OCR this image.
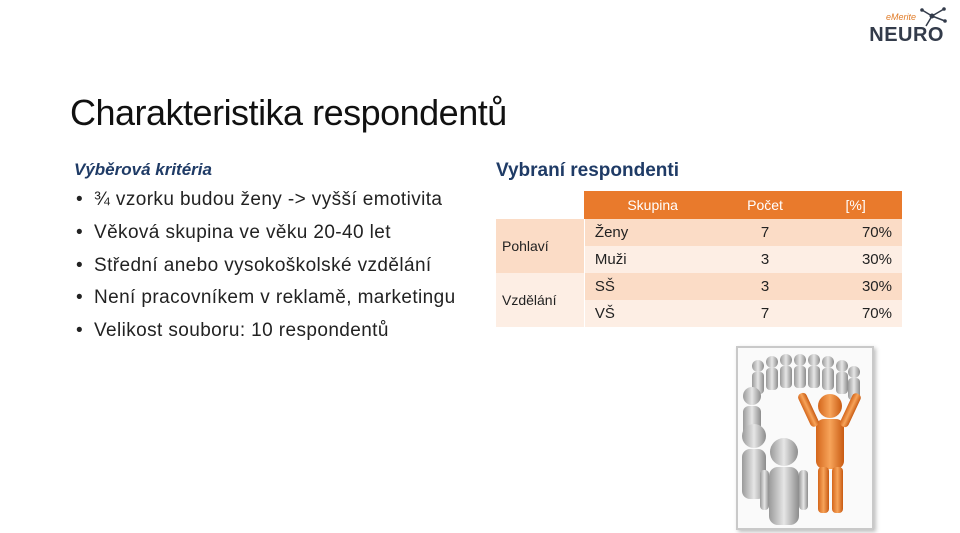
eMerite
NEURO
Charakteristika respondentů
Výběrová kritéria
• ¾ vzorku budou ženy -> vyšší emotivita
• Věková skupina ve věku 20-40 let
• Střední anebo vysokoškolské vzdělání
• Není pracovníkem v reklamě, marketingu
• Velikost souboru: 10 respondentů
Vybraní respondenti
	Skupina	Počet	[%]
Pohlaví	Ženy	7	70%
	Muži	3	30%
Vzdělání	SŠ	3	30%
	VŠ	7	70%
